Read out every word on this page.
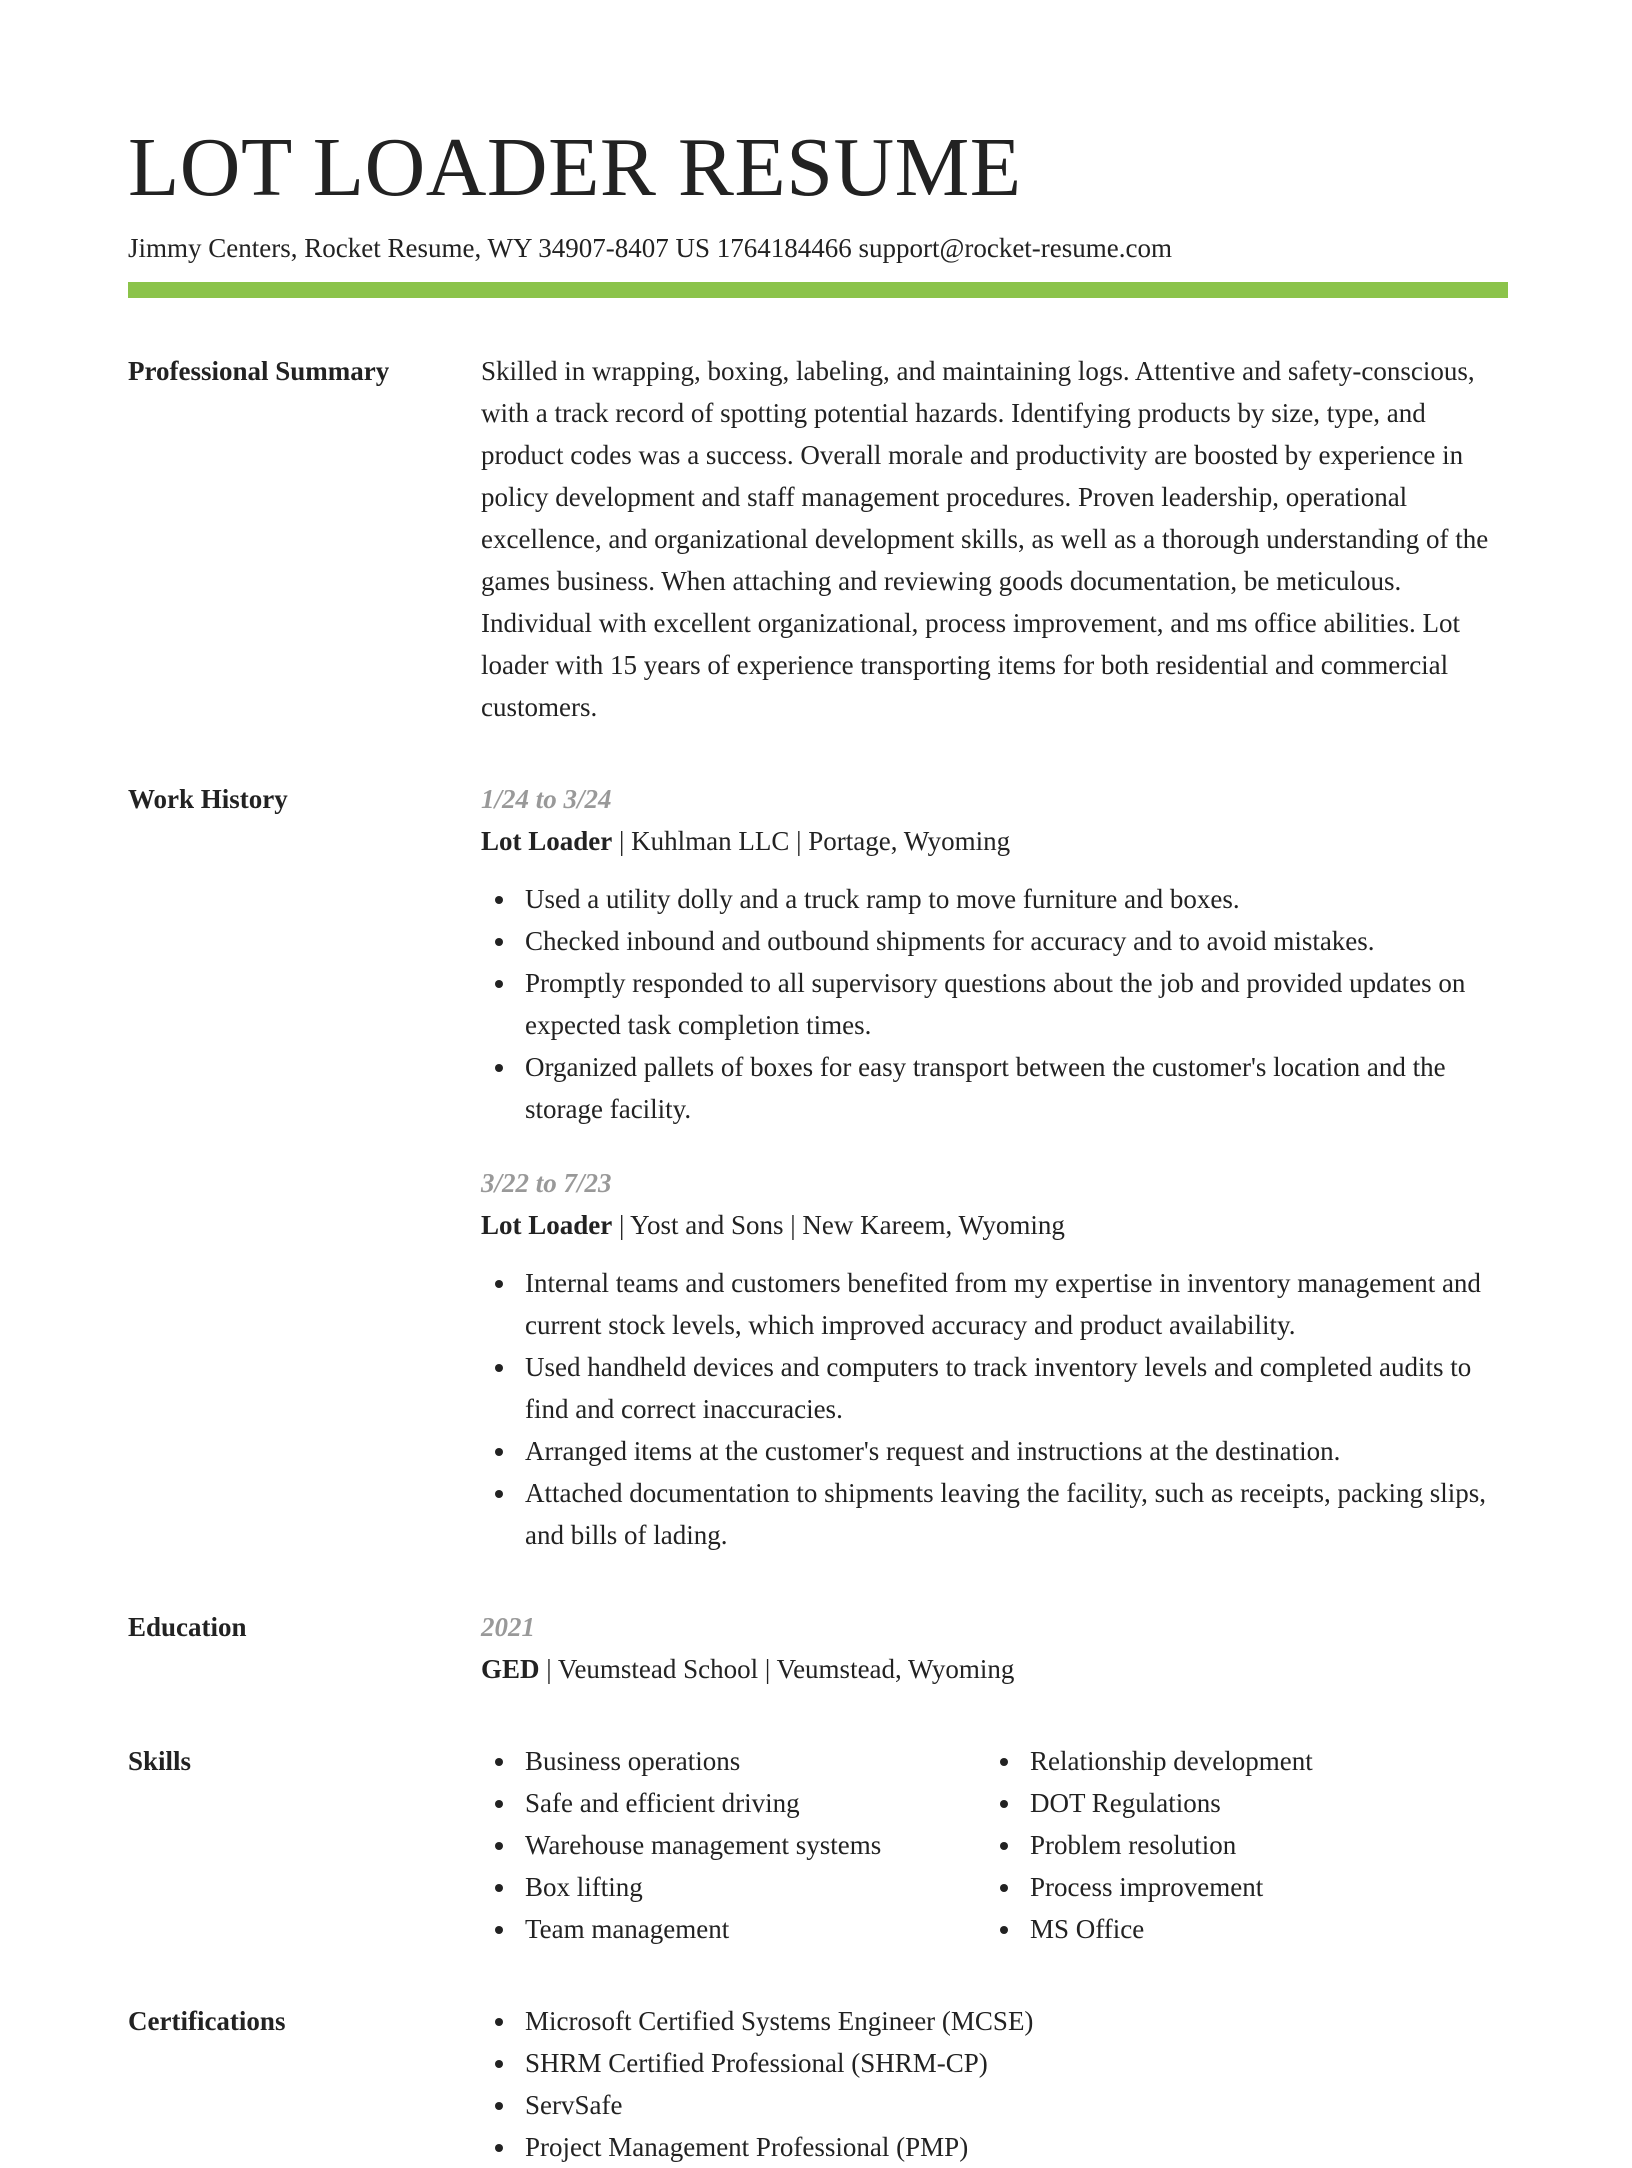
LOT LOADER RESUME
Jimmy Centers, Rocket Resume, WY 34907-8407 US 1764184466 support@rocket-resume.com
Professional Summary	Skilled in wrapping, boxing, labeling, and maintaining logs. Attentive and safety-conscious, with a track record of spotting potential hazards. Identifying products by size, type, and product codes was a success. Overall morale and productivity are boosted by experience in policy development and staff management procedures. Proven leadership, operational excellence, and organizational development skills, as well as a thorough understanding of the games business. When attaching and reviewing goods documentation, be meticulous. Individual with excellent organizational, process improvement, and ms office abilities. Lot loader with 15 years of experience transporting items for both residential and commercial customers.

Work History	1/24 to 3/24
Lot Loader | Kuhlman LLC | Portage, Wyoming
Used a utility dolly and a truck ramp to move furniture and boxes.
Checked inbound and outbound shipments for accuracy and to avoid mistakes.
Promptly responded to all supervisory questions about the job and provided updates on expected task completion times.
Organized pallets of boxes for easy transport between the customer's location and the storage facility.
3/22 to 7/23
Lot Loader | Yost and Sons | New Kareem, Wyoming
Internal teams and customers benefited from my expertise in inventory management and current stock levels, which improved accuracy and product availability.
Used handheld devices and computers to track inventory levels and completed audits to find and correct inaccuracies.
Arranged items at the customer's request and instructions at the destination.
Attached documentation to shipments leaving the facility, such as receipts, packing slips, and bills of lading.
Education	2021
GED | Veumstead School | Veumstead, Wyoming
Skills	Business operations
Safe and efficient driving
Warehouse management systems
Box lifting
Team management
Relationship development
DOT Regulations
Problem resolution
Process improvement
MS Office
Certifications	Microsoft Certified Systems Engineer (MCSE)
SHRM Certified Professional (SHRM-CP)
ServSafe
Project Management Professional (PMP)
